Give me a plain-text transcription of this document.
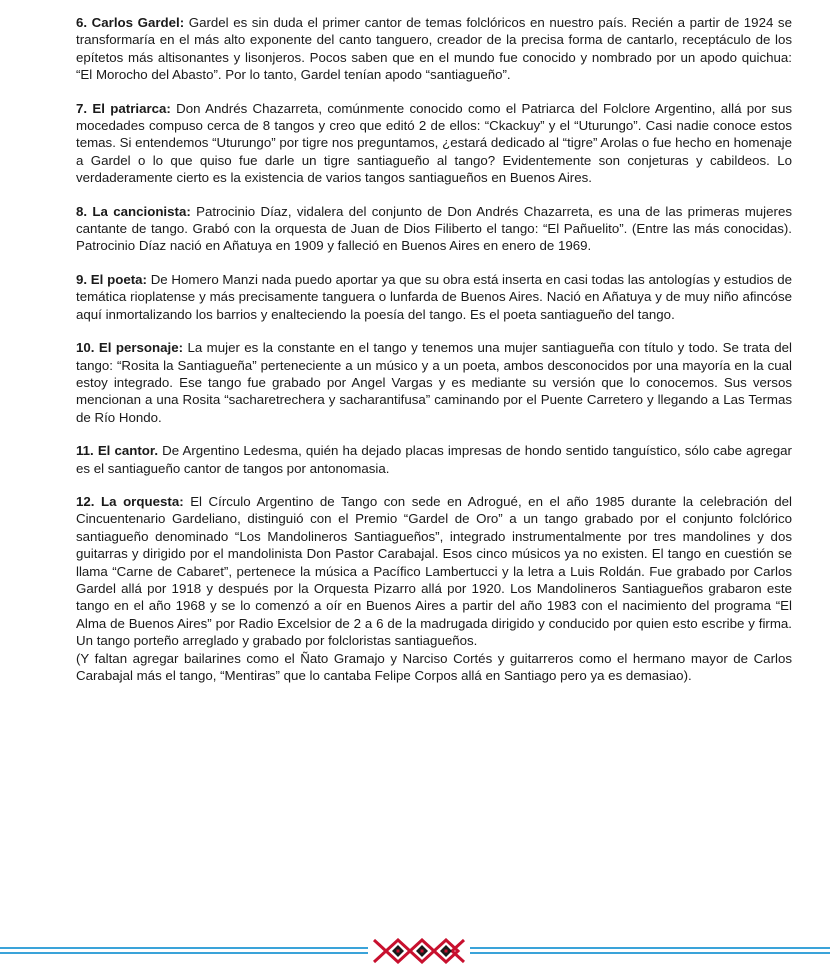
6. Carlos Gardel: Gardel es sin duda el primer cantor de temas folclóricos en nuestro país. Recién a partir de 1924 se transformaría en el más alto exponente del canto tanguero, creador de la precisa forma de cantarlo, receptáculo de los epítetos más altisonantes y lisonjeros. Pocos saben que en el mundo fue conocido y nombrado por un apodo quichua: “El Morocho del Abasto”. Por lo tanto, Gardel tenían apodo “santiagueño”.

7. El patriarca: Don Andrés Chazarreta, comúnmente conocido como el Patriarca del Folclore Argentino, allá por sus mocedades compuso cerca de 8 tangos y creo que editó 2 de ellos: “Ckackuy” y el “Uturungo”. Casi nadie conoce estos temas. Si entendemos “Uturungo” por tigre nos preguntamos, ¿estará dedicado al “tigre” Arolas o fue hecho en homenaje a Gardel o lo que quiso fue darle un tigre santiagueño al tango? Evidentemente son conjeturas y cabildeos. Lo verdaderamente cierto es la existencia de varios tangos santiagueños en Buenos Aires.

8. La cancionista: Patrocinio Díaz, vidalera del conjunto de Don Andrés Chazarreta, es una de las primeras mujeres cantante de tango. Grabó con la orquesta de Juan de Dios Filiberto el tango: “El Pañuelito”. (Entre las más conocidas). Patrocinio Díaz nació en Añatuya en 1909 y falleció en Buenos Aires en enero de 1969.

9. El poeta: De Homero Manzi nada puedo aportar ya que su obra está inserta en casi todas las antologías y estudios de temática rioplatense y más precisamente tanguera o lunfarda de Buenos Aires. Nació en Añatuya y de muy niño afincóse aquí inmortalizando los barrios y enalteciendo la poesía del tango. Es el poeta santiagueño del tango.

10. El personaje: La mujer es la constante en el tango y tenemos una mujer santiagueña con título y todo. Se trata del tango: “Rosita la Santiagueña” perteneciente a un músico y a un poeta, ambos desconocidos por una mayoría en la cual estoy integrado. Ese tango fue grabado por Angel Vargas y es mediante su versión que lo conocemos. Sus versos mencionan a una Rosita “sacharetrechera y sacharantifusa” caminando por el Puente Carretero y llegando a Las Termas de Río Hondo.

11. El cantor. De Argentino Ledesma, quién ha dejado placas impresas de hondo sentido tanguístico, sólo cabe agregar es el santiagueño cantor de tangos por antonomasia.

12. La orquesta: El Círculo Argentino de Tango con sede en Adrogué, en el año 1985 durante la celebración del Cincuentenario Gardeliano, distinguió con el Premio “Gardel de Oro” a un tango grabado por el conjunto folclórico santiagueño denominado “Los Mandolineros Santiagueños”, integrado instrumentalmente por tres mandolines y dos guitarras y dirigido por el mandolinista Don Pastor Carabajal. Esos cinco músicos ya no existen. El tango en cuestión se llama “Carne de Cabaret”, pertenece la música a Pacífico Lambertucci y la letra a Luis Roldán. Fue grabado por Carlos Gardel allá por 1918 y después por la Orquesta Pizarro allá por 1920. Los Mandolineros Santiagueños grabaron este tango en el año 1968 y se lo comenzó a oír en Buenos Aires a partir del año 1983 con el nacimiento del programa “El Alma de Buenos Aires” por Radio Excelsior de 2 a 6 de la madrugada dirigido y conducido por quien esto escribe y firma. Un tango porteño arreglado y grabado por folcloristas santiagueños.

(Y faltan agregar bailarines como el Ñato Gramajo y Narciso Cortés y guitarreros como el hermano mayor de Carlos Carabajal más el tango, “Mentiras” que lo cantaba Felipe Corpos allá en Santiago pero ya es demasiao).
